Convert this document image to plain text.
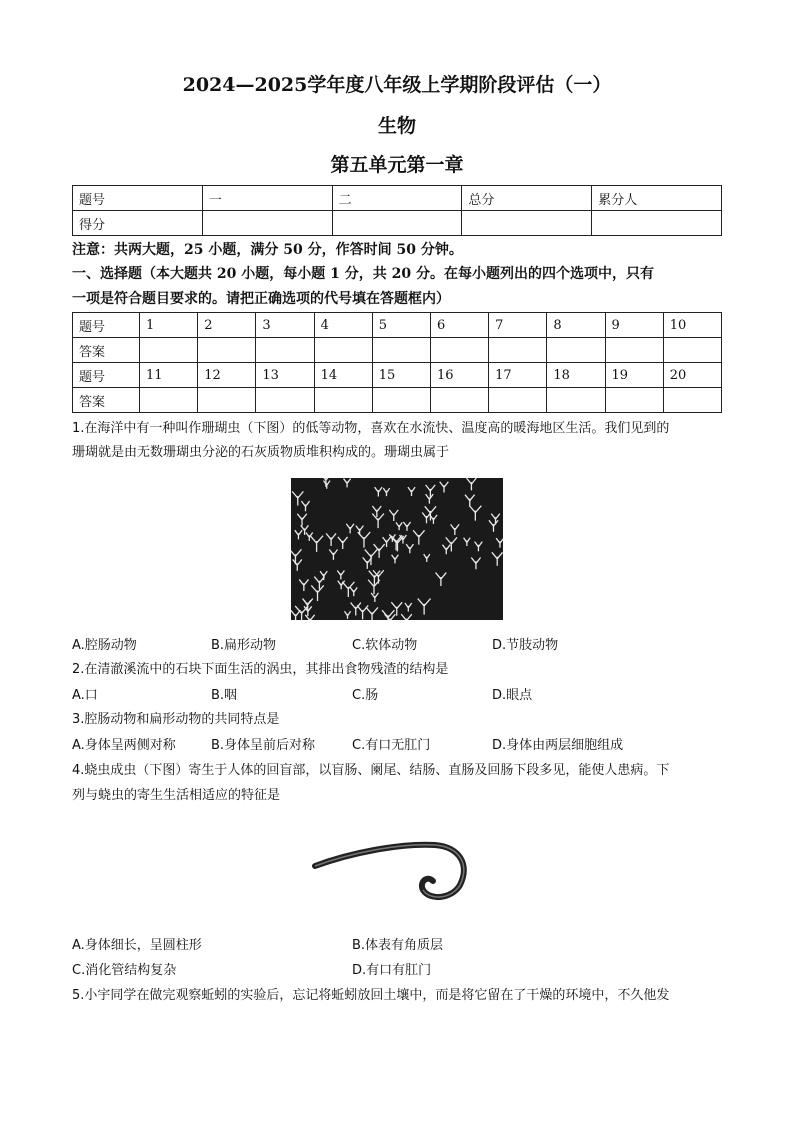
2024—2025学年度八年级上学期阶段评估（一）
生物
第五单元第一章
题号	一	二	总分	累分人
得分				
注意：共两大题，25 小题，满分 50 分，作答时间 50 分钟。
一、选择题（本大题共 20 小题，每小题 1 分，共 20 分。在每小题列出的四个选项中，只有
一项是符合题目要求的。请把正确选项的代号填在答题框内）
题号	1	2	3	4	5	6	7	8	9	10
答案										
题号	11	12	13	14	15	16	17	18	19	20
答案										
1.在海洋中有一种叫作珊瑚虫（下图）的低等动物，喜欢在水流快、温度高的暖海地区生活。我们见到的
珊瑚就是由无数珊瑚虫分泌的石灰质物质堆积构成的。珊瑚虫属于
A.腔肠动物	B.扁形动物	C.软体动物	D.节肢动物
2.在清澈溪流中的石块下面生活的涡虫，其排出食物残渣的结构是
A.口	B.咽	C.肠	D.眼点
3.腔肠动物和扁形动物的共同特点是
A.身体呈两侧对称	B.身体呈前后对称	C.有口无肛门	D.身体由两层细胞组成
4.蛲虫成虫（下图）寄生于人体的回盲部，以盲肠、阑尾、结肠、直肠及回肠下段多见，能使人患病。下
列与蛲虫的寄生生活相适应的特征是
A.身体细长，呈圆柱形	B.体表有角质层
C.消化管结构复杂	D.有口有肛门
5.小宇同学在做完观察蚯蚓的实验后，忘记将蚯蚓放回土壤中，而是将它留在了干燥的环境中，不久他发
